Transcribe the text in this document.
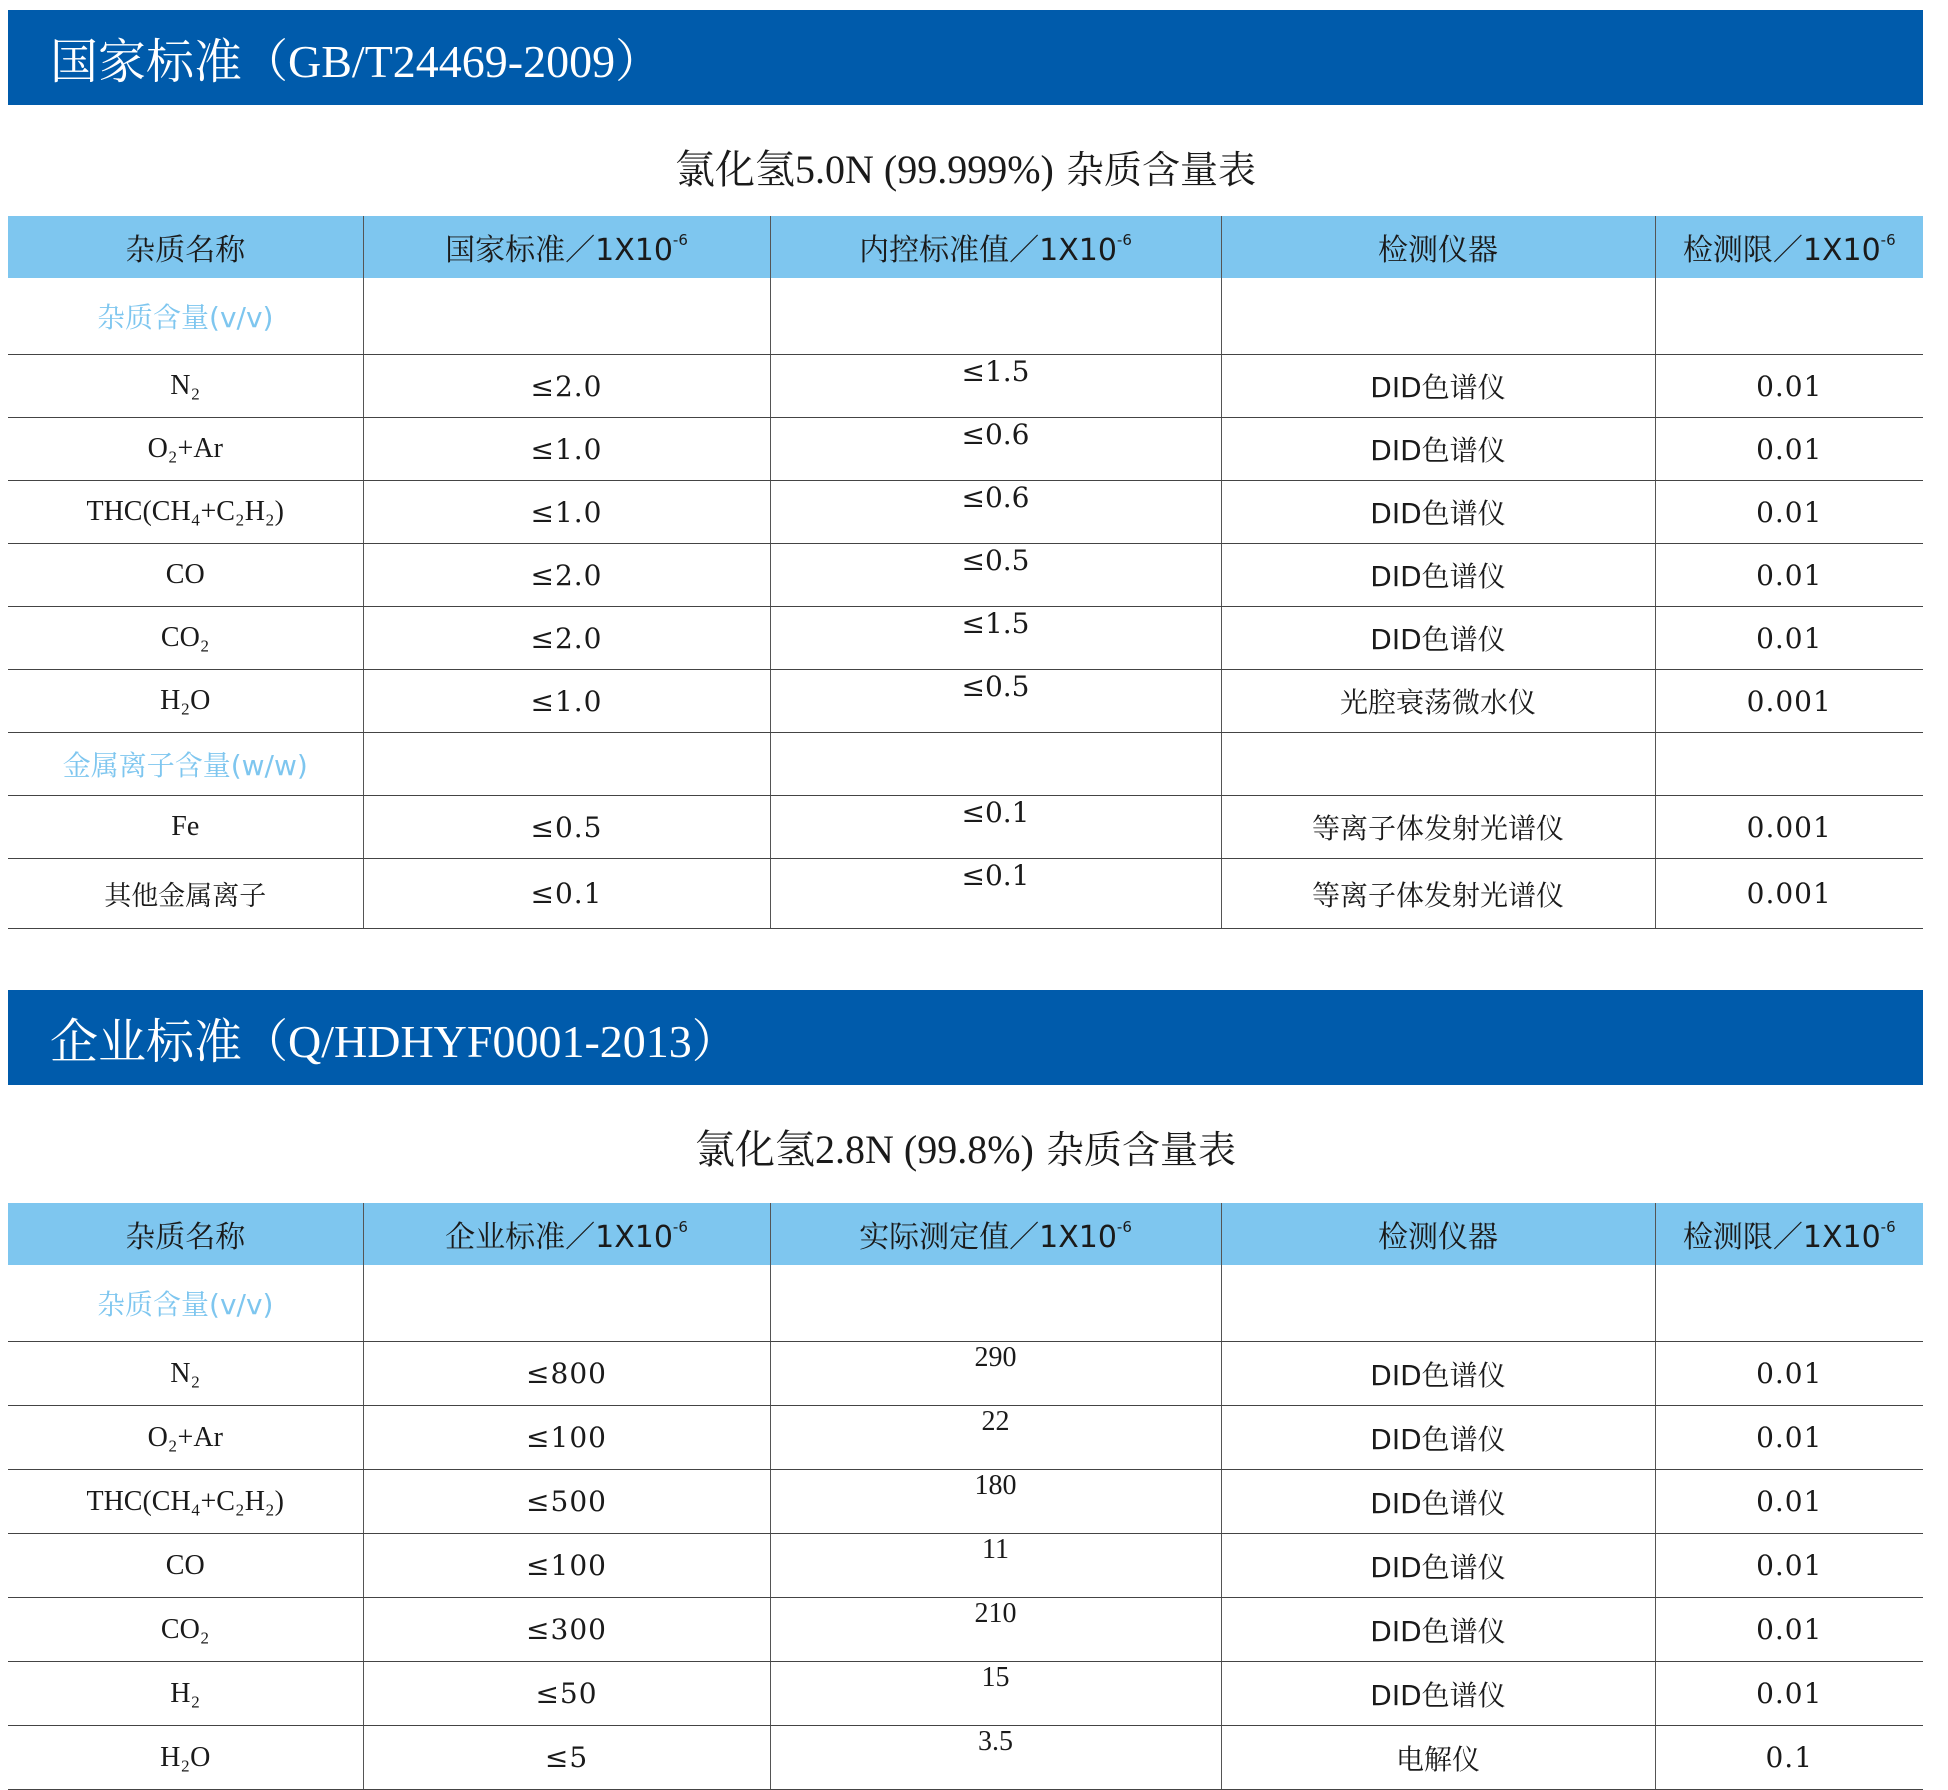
国家标准 （GB/T24469-2009）
氯化氢5.0N (99.999%) 杂质含量表
杂质名称	国家标准$/1X10^{-6}$	内控标准值$/1X10^{-6}$	检测仪器	检测限$/1X10^{-6}$
杂质含量(v/v)				
N₂	≤2.0	≤1.5	DID色谱仪	0.01
O₂+Ar	≤1.0	≤0.6	DID色谱仪	0.01
THC(CH₄+C₂H₂)	≤1.0	≤0.6	DID色谱仪	0.01
CO	≤2.0	≤0.5	DID色谱仪	0.01
CO₂	≤2.0	≤1.5	DID色谱仪	0.01
H₂O	≤1.0	≤0.5	光腔衰荡微水仪	0.001
金属离子含量(w/w)				
Fe	≤0.5	≤0.1	等离子体发射光谱仪	0.001
其他金属离子	≤0.1	≤0.1	等离子体发射光谱仪	0.001
企业标准 （Q/HDHYF0001-2013）
氯化氢2.8N (99.8%) 杂质含量表
杂质名称	企业标准$/1X10^{-6}$	实际测定值$/1X10^{-6}$	检测仪器	检测限$/1X10^{-6}$
杂质含量(v/v)				
N₂	≤800	290	DID色谱仪	0.01
O₂+Ar	≤100	22	DID色谱仪	0.01
THC(CH₄+C₂H₂)	≤500	180	DID色谱仪	0.01
CO	≤100	11	DID色谱仪	0.01
CO₂	≤300	210	DID色谱仪	0.01
H₂	≤50	15	DID色谱仪	0.01
H₂O	≤5	3.5	电解仪	0.1
